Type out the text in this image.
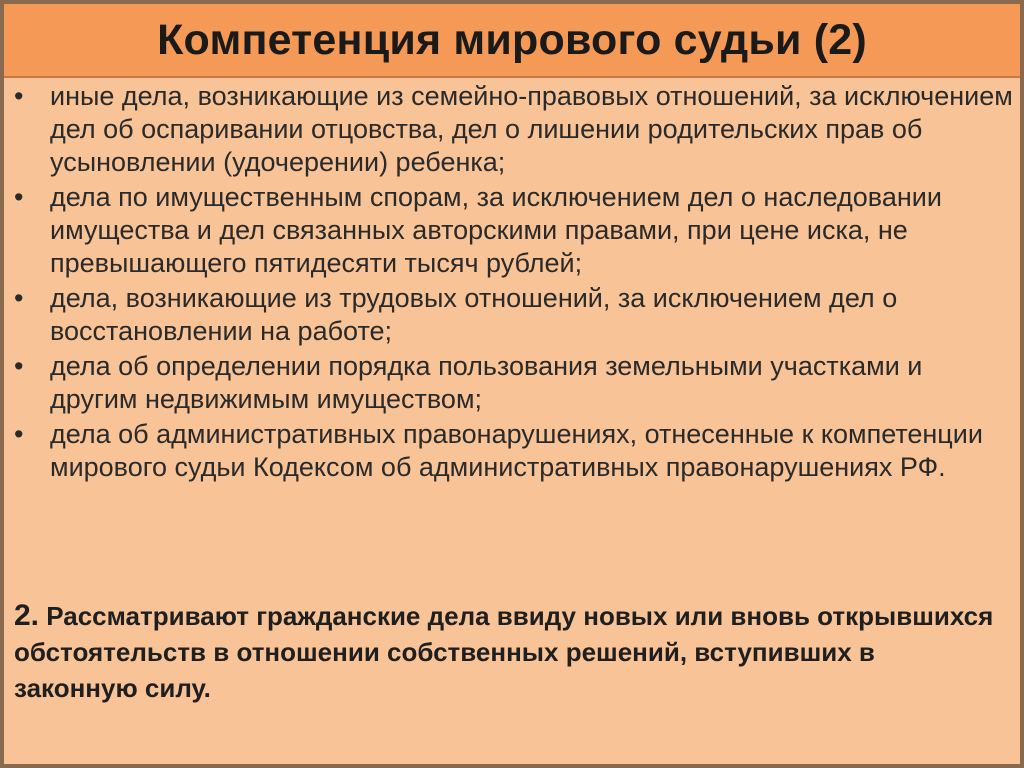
Компетенция мирового судьи (2)
• иные дела, возникающие из семейно-правовых отношений, за исключением дел об оспаривании отцовства, дел о лишении родительских прав об усыновлении (удочерении) ребенка;
• дела по имущественным спорам, за исключением дел о наследовании имущества и дел связанных авторскими правами, при цене иска, не превышающего пятидесяти тысяч рублей;
• дела, возникающие из трудовых отношений, за исключением дел о восстановлении на работе;
• дела об определении порядка пользования земельными участками и другим недвижимым имуществом;
• дела об административных правонарушениях, отнесенные к компетенции мирового судьи Кодексом об административных правонарушениях РФ.

2. Рассматривают гражданские дела ввиду новых или вновь открывшихся обстоятельств в отношении собственных решений, вступивших в законную силу.
